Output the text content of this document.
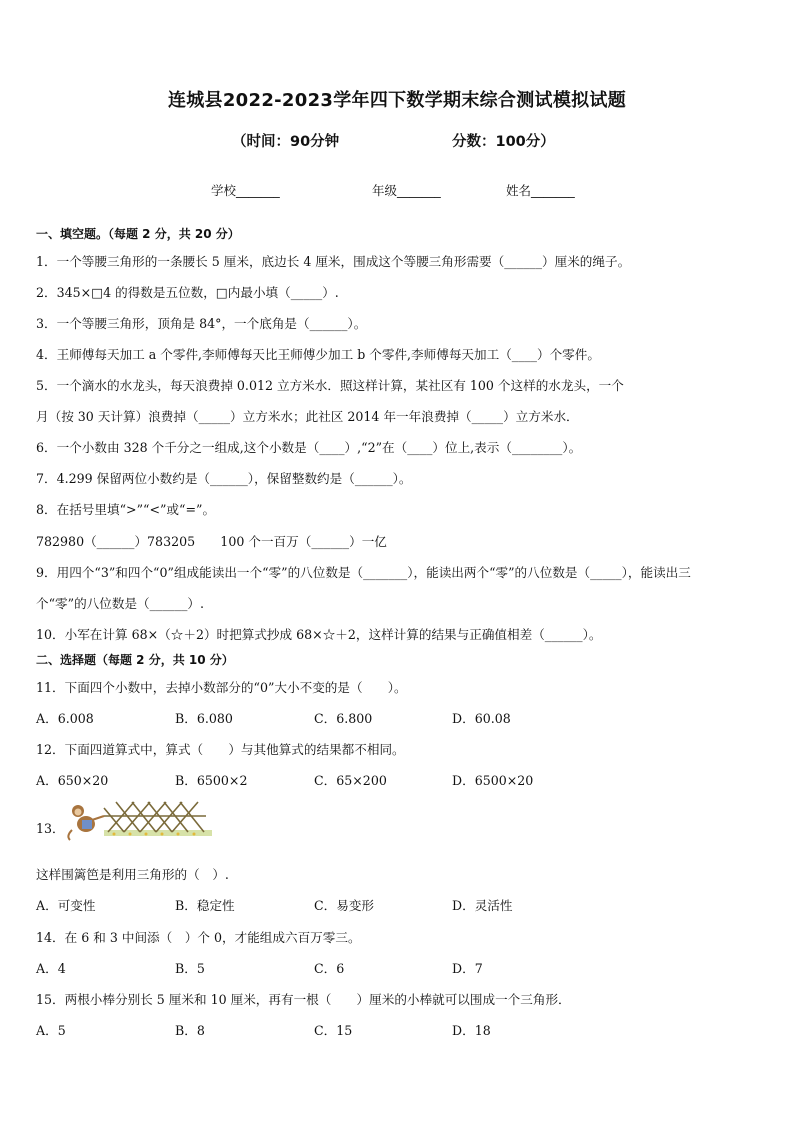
连城县2022-2023学年四下数学期末综合测试模拟试题
（时间：90分钟	分数：100分）
学校_______	年级_______	姓名_______
一、填空题。（每题 2 分，共 20 分）
1．一个等腰三角形的一条腰长 5 厘米，底边长 4 厘米，围成这个等腰三角形需要（______）厘米的绳子。
2．345×□4 的得数是五位数，□内最小填（_____）.
3．一个等腰三角形，顶角是 84°，一个底角是（______）。
4．王师傅每天加工 a 个零件,李师傅每天比王师傅少加工 b 个零件,李师傅每天加工（____）个零件。
5．一个滴水的水龙头，每天浪费掉 0.012 立方米水．照这样计算，某社区有 100 个这样的水龙头，一个
月（按 30 天计算）浪费掉（_____）立方米水；此社区 2014 年一年浪费掉（_____）立方米水．
6．一个小数由 328 个千分之一组成,这个小数是（____）,“2”在（____）位上,表示（________）。
7．4.299 保留两位小数约是（______），保留整数约是（______）。
8．在括号里填“>”“<”或“=”。
782980（______）783205　　100 个一百万（______）一亿
9．用四个“3”和四个“0”组成能读出一个“零”的八位数是（_______），能读出两个“零”的八位数是（_____），能读出三
个“零”的八位数是（______）.
10．小军在计算 68×（☆＋2）时把算式抄成 68×☆＋2，这样计算的结果与正确值相差（______）。
二、选择题（每题 2 分，共 10 分）
11．下面四个小数中，去掉小数部分的“0”大小不变的是（　　）。
A．6.008	B．6.080	C．6.800	D．60.08
12．下面四道算式中，算式（　　）与其他算式的结果都不相同。
A．650×20	B．6500×2	C．65×200	D．6500×20
13．
这样围篱笆是利用三角形的（　）.
A．可变性	B．稳定性	C．易变形	D．灵活性
14．在 6 和 3 中间添（　）个 0，才能组成六百万零三。
A．4	B．5	C．6	D．7
15．两根小棒分别长 5 厘米和 10 厘米，再有一根（　　）厘米的小棒就可以围成一个三角形．
A．5	B．8	C．15	D．18
